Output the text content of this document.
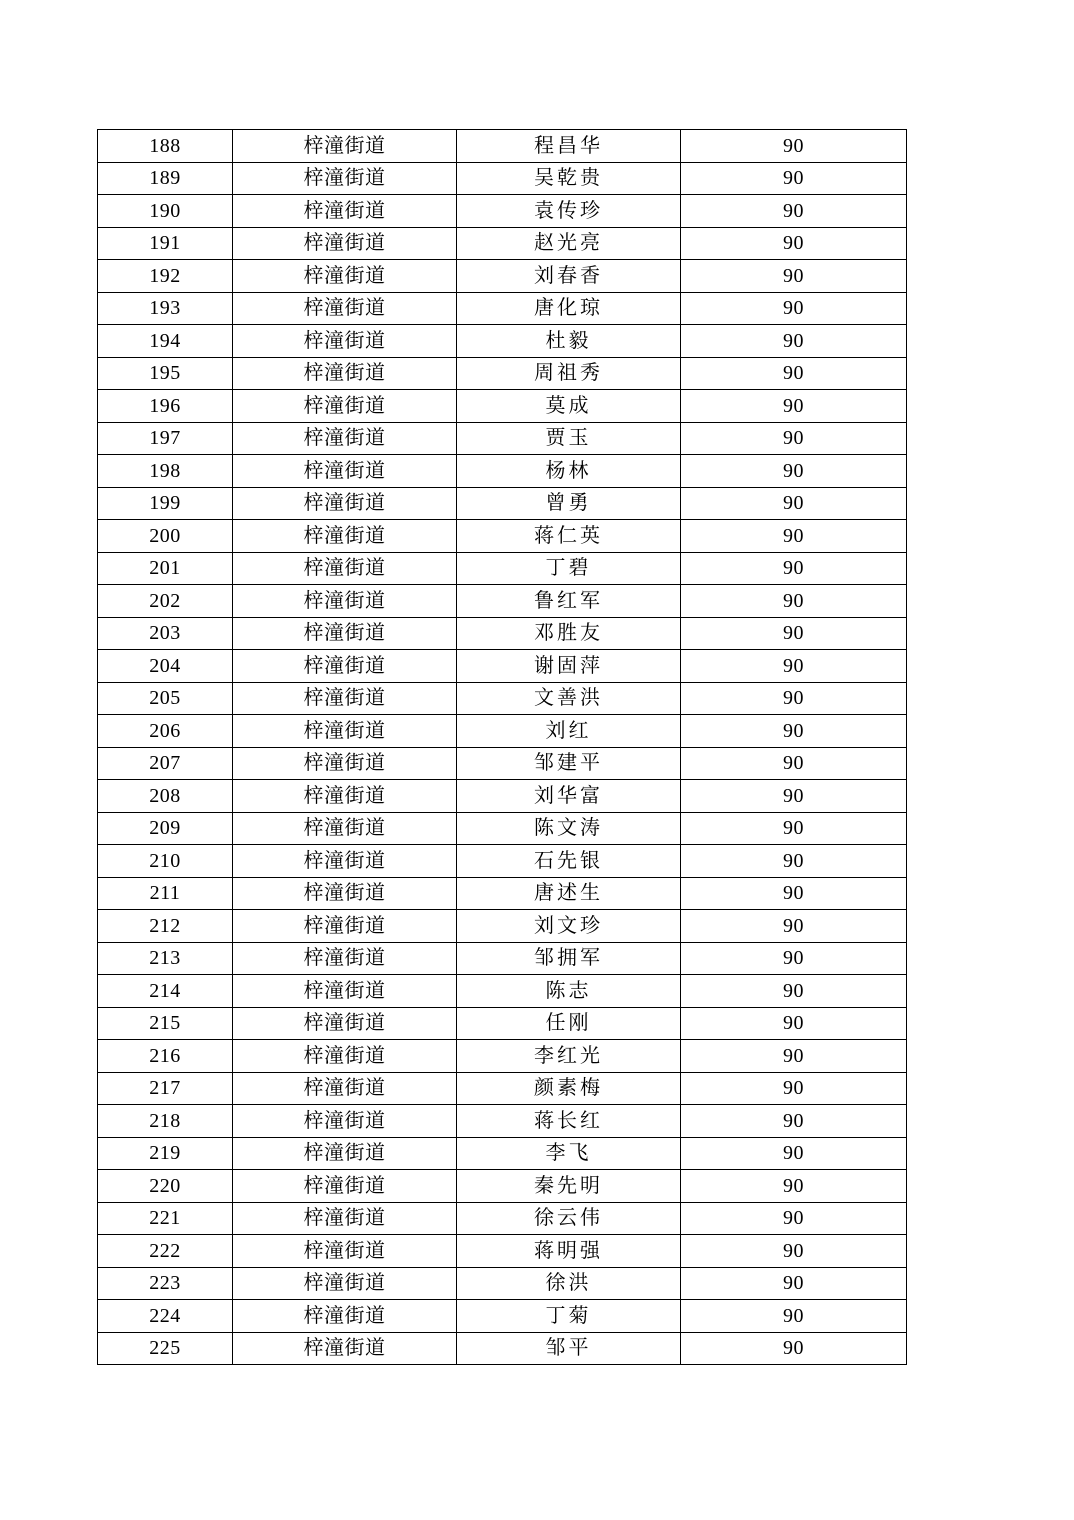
188	梓潼街道	程昌华	90
189	梓潼街道	吴乾贵	90
190	梓潼街道	袁传珍	90
191	梓潼街道	赵光亮	90
192	梓潼街道	刘春香	90
193	梓潼街道	唐化琼	90
194	梓潼街道	杜毅	90
195	梓潼街道	周祖秀	90
196	梓潼街道	莫成	90
197	梓潼街道	贾玉	90
198	梓潼街道	杨林	90
199	梓潼街道	曾勇	90
200	梓潼街道	蒋仁英	90
201	梓潼街道	丁碧	90
202	梓潼街道	鲁红军	90
203	梓潼街道	邓胜友	90
204	梓潼街道	谢固萍	90
205	梓潼街道	文善洪	90
206	梓潼街道	刘红	90
207	梓潼街道	邹建平	90
208	梓潼街道	刘华富	90
209	梓潼街道	陈文涛	90
210	梓潼街道	石先银	90
211	梓潼街道	唐述生	90
212	梓潼街道	刘文珍	90
213	梓潼街道	邹拥军	90
214	梓潼街道	陈志	90
215	梓潼街道	任刚	90
216	梓潼街道	李红光	90
217	梓潼街道	颜素梅	90
218	梓潼街道	蒋长红	90
219	梓潼街道	李飞	90
220	梓潼街道	秦先明	90
221	梓潼街道	徐云伟	90
222	梓潼街道	蒋明强	90
223	梓潼街道	徐洪	90
224	梓潼街道	丁菊	90
225	梓潼街道	邹平	90
